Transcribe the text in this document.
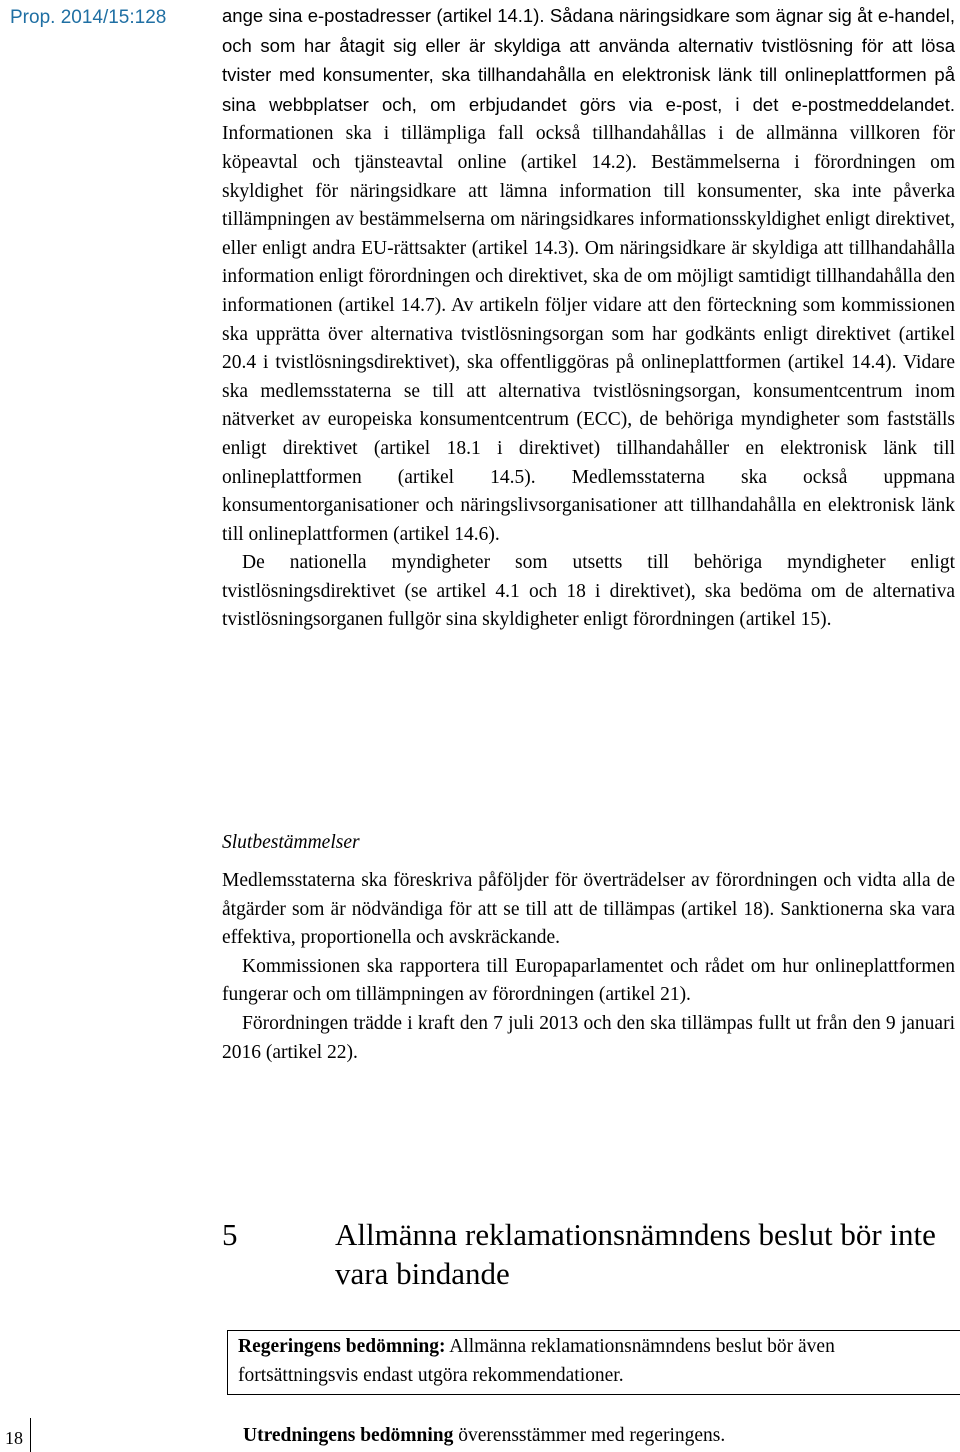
Prop. 2014/15:128	ange sina e-postadresser (artikel 14.1). Sådana näringsidkare som ägnar sig åt e-handel, och som har åtagit sig eller är skyldiga att använda alternativ tvistlösning för att lösa tvister med konsumenter, ska tillhandahålla en elektronisk länk till onlineplattformen på sina webbplatser och, om erbjudandet görs via e-post, i det e-postmeddelandet. Informationen ska i tillämpliga fall också tillhandahållas i de allmänna villkoren för köpeavtal och tjänsteavtal online (artikel 14.2). Bestämmelserna i förordningen om skyldighet för näringsidkare att lämna information till konsumenter, ska inte påverka tillämpningen av bestämmelserna om näringsidkares informationsskyldighet enligt direktivet, eller enligt andra EU-rättsakter (artikel 14.3). Om näringsidkare är skyldiga att tillhandahålla information enligt förordningen och direktivet, ska de om möjligt samtidigt tillhandahålla den informationen (artikel 14.7). Av artikeln följer vidare att den förteckning som kommissionen ska upprätta över alternativa tvistlösningsorgan som har godkänts enligt direktivet (artikel 20.4 i tvistlösningsdirektivet), ska offentliggöras på onlineplattformen (artikel 14.4). Vidare ska medlemsstaterna se till att alternativa tvistlösningsorgan, konsumentcentrum inom nätverket av europeiska konsumentcentrum (ECC), de behöriga myndigheter som fastställs enligt direktivet (artikel 18.1 i direktivet) tillhandahåller en elektronisk länk till onlineplattformen (artikel 14.5). Medlemsstaterna ska också uppmana konsumentorganisationer och näringslivsorganisationer att tillhandahålla en elektronisk länk till onlineplattformen (artikel 14.6).

De nationella myndigheter som utsetts till behöriga myndigheter enligt tvistlösningsdirektivet (se artikel 4.1 och 18 i direktivet), ska bedöma om de alternativa tvistlösningsorganen fullgör sina skyldigheter enligt förordningen (artikel 15).

Slutbestämmelser

Medlemsstaterna ska föreskriva påföljder för överträdelser av förordningen och vidta alla de åtgärder som är nödvändiga för att se till att de tillämpas (artikel 18). Sanktionerna ska vara effektiva, proportionella och avskräckande.

Kommissionen ska rapportera till Europaparlamentet och rådet om hur onlineplattformen fungerar och om tillämpningen av förordningen (artikel 21).

Förordningen trädde i kraft den 7 juli 2013 och den ska tillämpas fullt ut från den 9 januari 2016 (artikel 22).

5	Allmänna reklamationsnämndens beslut bör inte vara bindande
Regeringens bedömning: Allmänna reklamationsnämndens beslut bör även fortsättningsvis endast utgöra rekommendationer.

Utredningens bedömning överensstämmer med regeringens.

18
